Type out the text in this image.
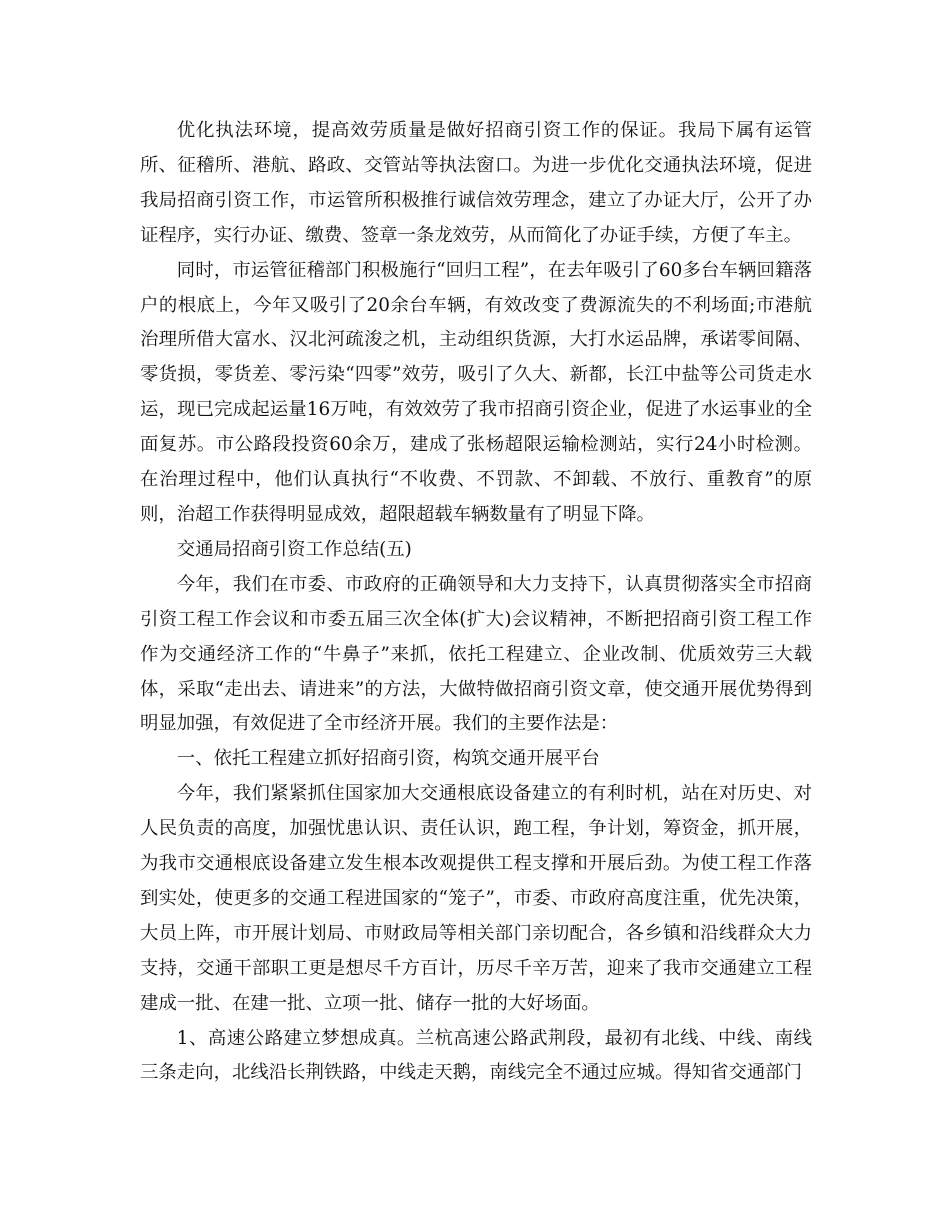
优化执法环境，提高效劳质量是做好招商引资工作的保证。我局下属有运管所、征稽所、港航、路政、交管站等执法窗口。为进一步优化交通执法环境，促进我局招商引资工作，市运管所积极推行诚信效劳理念，建立了办证大厅，公开了办证程序，实行办证、缴费、签章一条龙效劳，从而简化了办证手续，方便了车主。

同时，市运管征稽部门积极施行“回归工程”，在去年吸引了60多台车辆回籍落户的根底上，今年又吸引了20余台车辆，有效改变了费源流失的不利场面;市港航治理所借大富水、汉北河疏浚之机，主动组织货源，大打水运品牌，承诺零间隔、零货损，零货差、零污染“四零”效劳，吸引了久大、新都，长江中盐等公司货走水运，现已完成起运量16万吨，有效效劳了我市招商引资企业，促进了水运事业的全面复苏。市公路段投资60余万，建成了张杨超限运输检测站，实行24小时检测。在治理过程中，他们认真执行“不收费、不罚款、不卸载、不放行、重教育”的原则，治超工作获得明显成效，超限超载车辆数量有了明显下降。

交通局招商引资工作总结(五)

今年，我们在市委、市政府的正确领导和大力支持下，认真贯彻落实全市招商引资工程工作会议和市委五届三次全体(扩大)会议精神，不断把招商引资工程工作作为交通经济工作的“牛鼻子”来抓，依托工程建立、企业改制、优质效劳三大载体，采取“走出去、请进来”的方法，大做特做招商引资文章，使交通开展优势得到明显加强，有效促进了全市经济开展。我们的主要作法是：

一、依托工程建立抓好招商引资，构筑交通开展平台

今年，我们紧紧抓住国家加大交通根底设备建立的有利时机，站在对历史、对人民负责的高度，加强忧患认识、责任认识，跑工程，争计划，筹资金，抓开展，为我市交通根底设备建立发生根本改观提供工程支撑和开展后劲。为使工程工作落到实处，使更多的交通工程进国家的“笼子”，市委、市政府高度注重，优先决策，大员上阵，市开展计划局、市财政局等相关部门亲切配合，各乡镇和沿线群众大力支持，交通干部职工更是想尽千方百计，历尽千辛万苦，迎来了我市交通建立工程建成一批、在建一批、立项一批、储存一批的大好场面。

1、高速公路建立梦想成真。兰杭高速公路武荆段，最初有北线、中线、南线三条走向，北线沿长荆铁路，中线走天鹅，南线完全不通过应城。得知省交通部门
